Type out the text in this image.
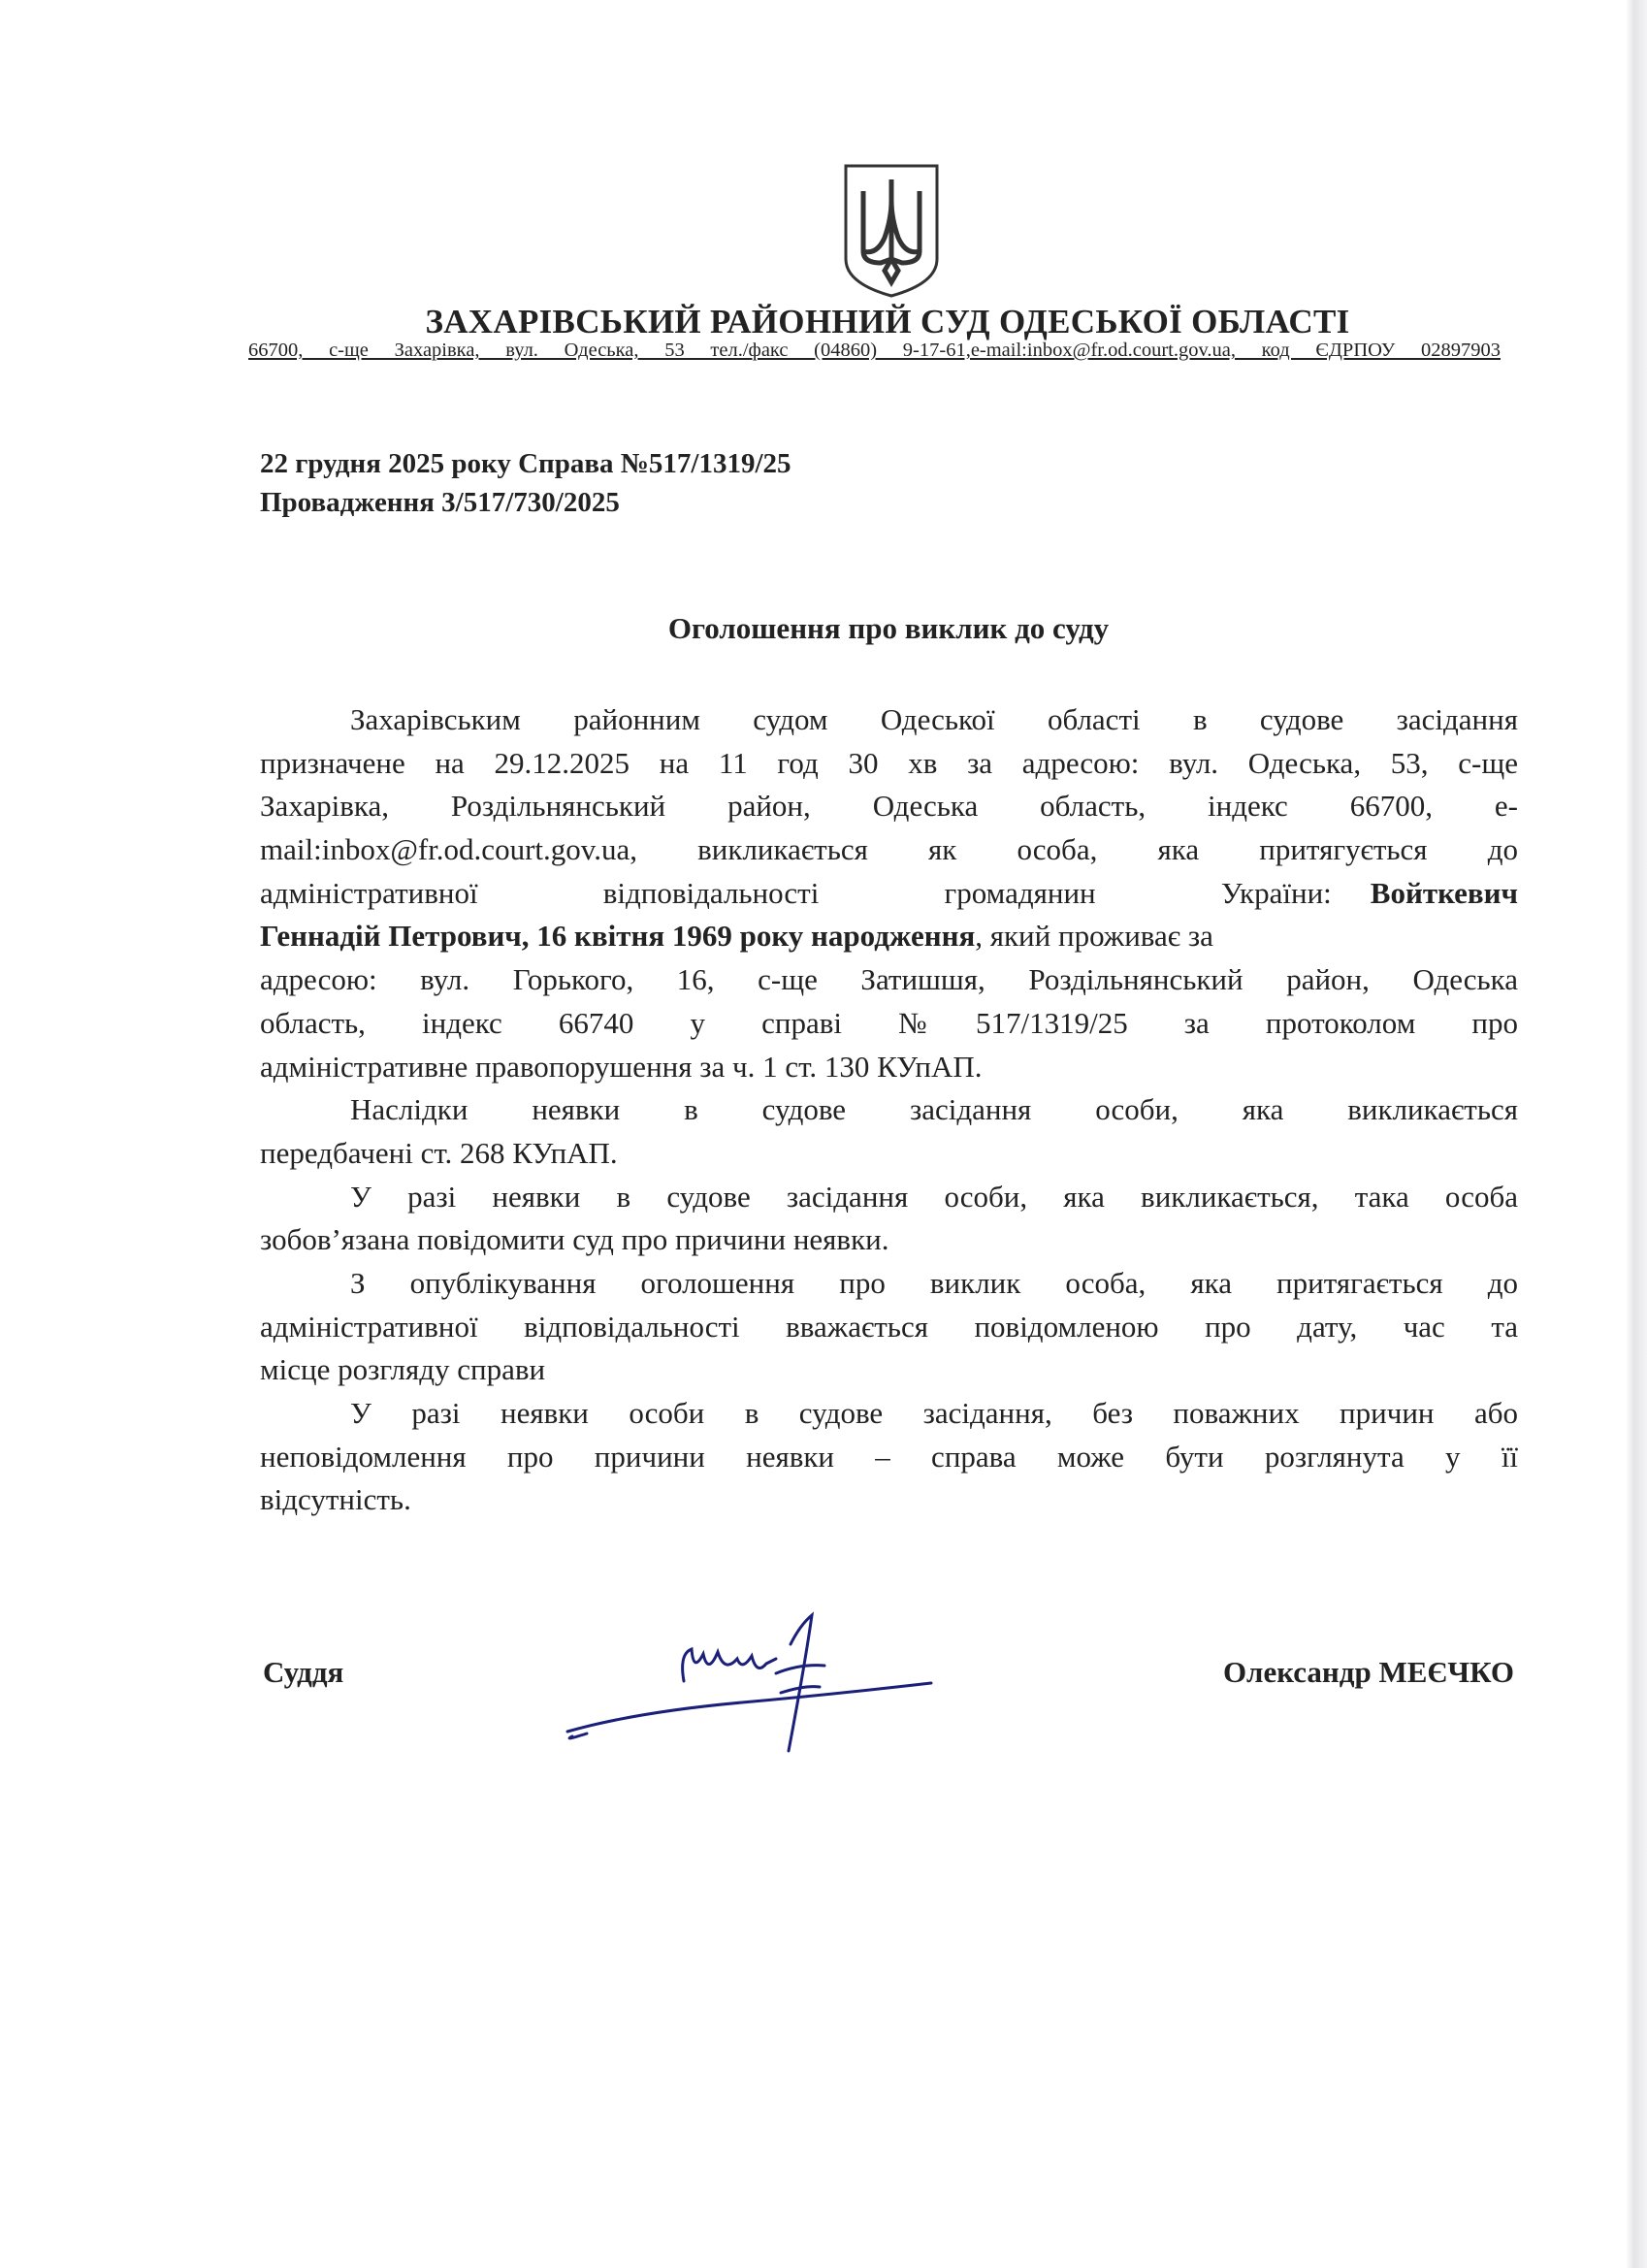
ЗАХАРІВСЬКИЙ РАЙОННИЙ СУД ОДЕСЬКОЇ ОБЛАСТІ
66700, с-ще Захарівка, вул. Одеська, 53 тел./факс (04860) 9-17-61,e-mail:inbox@fr.od.court.gov.ua, код ЄДРПОУ 02897903
22 грудня 2025 року Справа №517/1319/25
Провадження 3/517/730/2025
Оголошення про виклик до суду
Захарівським районним судом Одеської області в судове засідання
призначене на 29.12.2025 на 11 год 30 хв за адресою: вул. Одеська, 53, с-ще
Захарівка, Роздільнянський район, Одеська область, індекс 66700, е-
mail:inbox@fr.od.court.gov.ua, викликається як особа, яка притягується до
адміністративної відповідальності громадянин України:	Войткевич
Геннадій Петрович, 16 квітня 1969 року народження, який проживає за
адресою: вул. Горького, 16, с-ще Затишшя, Роздільнянський район, Одеська
область, індекс 66740 у справі №517/1319/25 за протоколом про
адміністративне правопорушення за ч. 1 ст. 130 КУпАП.
Наслідки неявки в судове засідання особи, яка викликається
передбачені ст. 268 КУпАП.
У разі неявки в судове засідання особи, яка викликається, така особа
зобов’язана повідомити суд про причини неявки.
З опублікування оголошення про виклик особа, яка притягається до
адміністративної відповідальності вважається повідомленою про дату, час та
місце розгляду справи
У разі неявки особи в судове засідання, без поважних причин або
неповідомлення про причини неявки – справа може бути розглянута у її
відсутність.
Суддя	Олександр МЕЄЧКО
